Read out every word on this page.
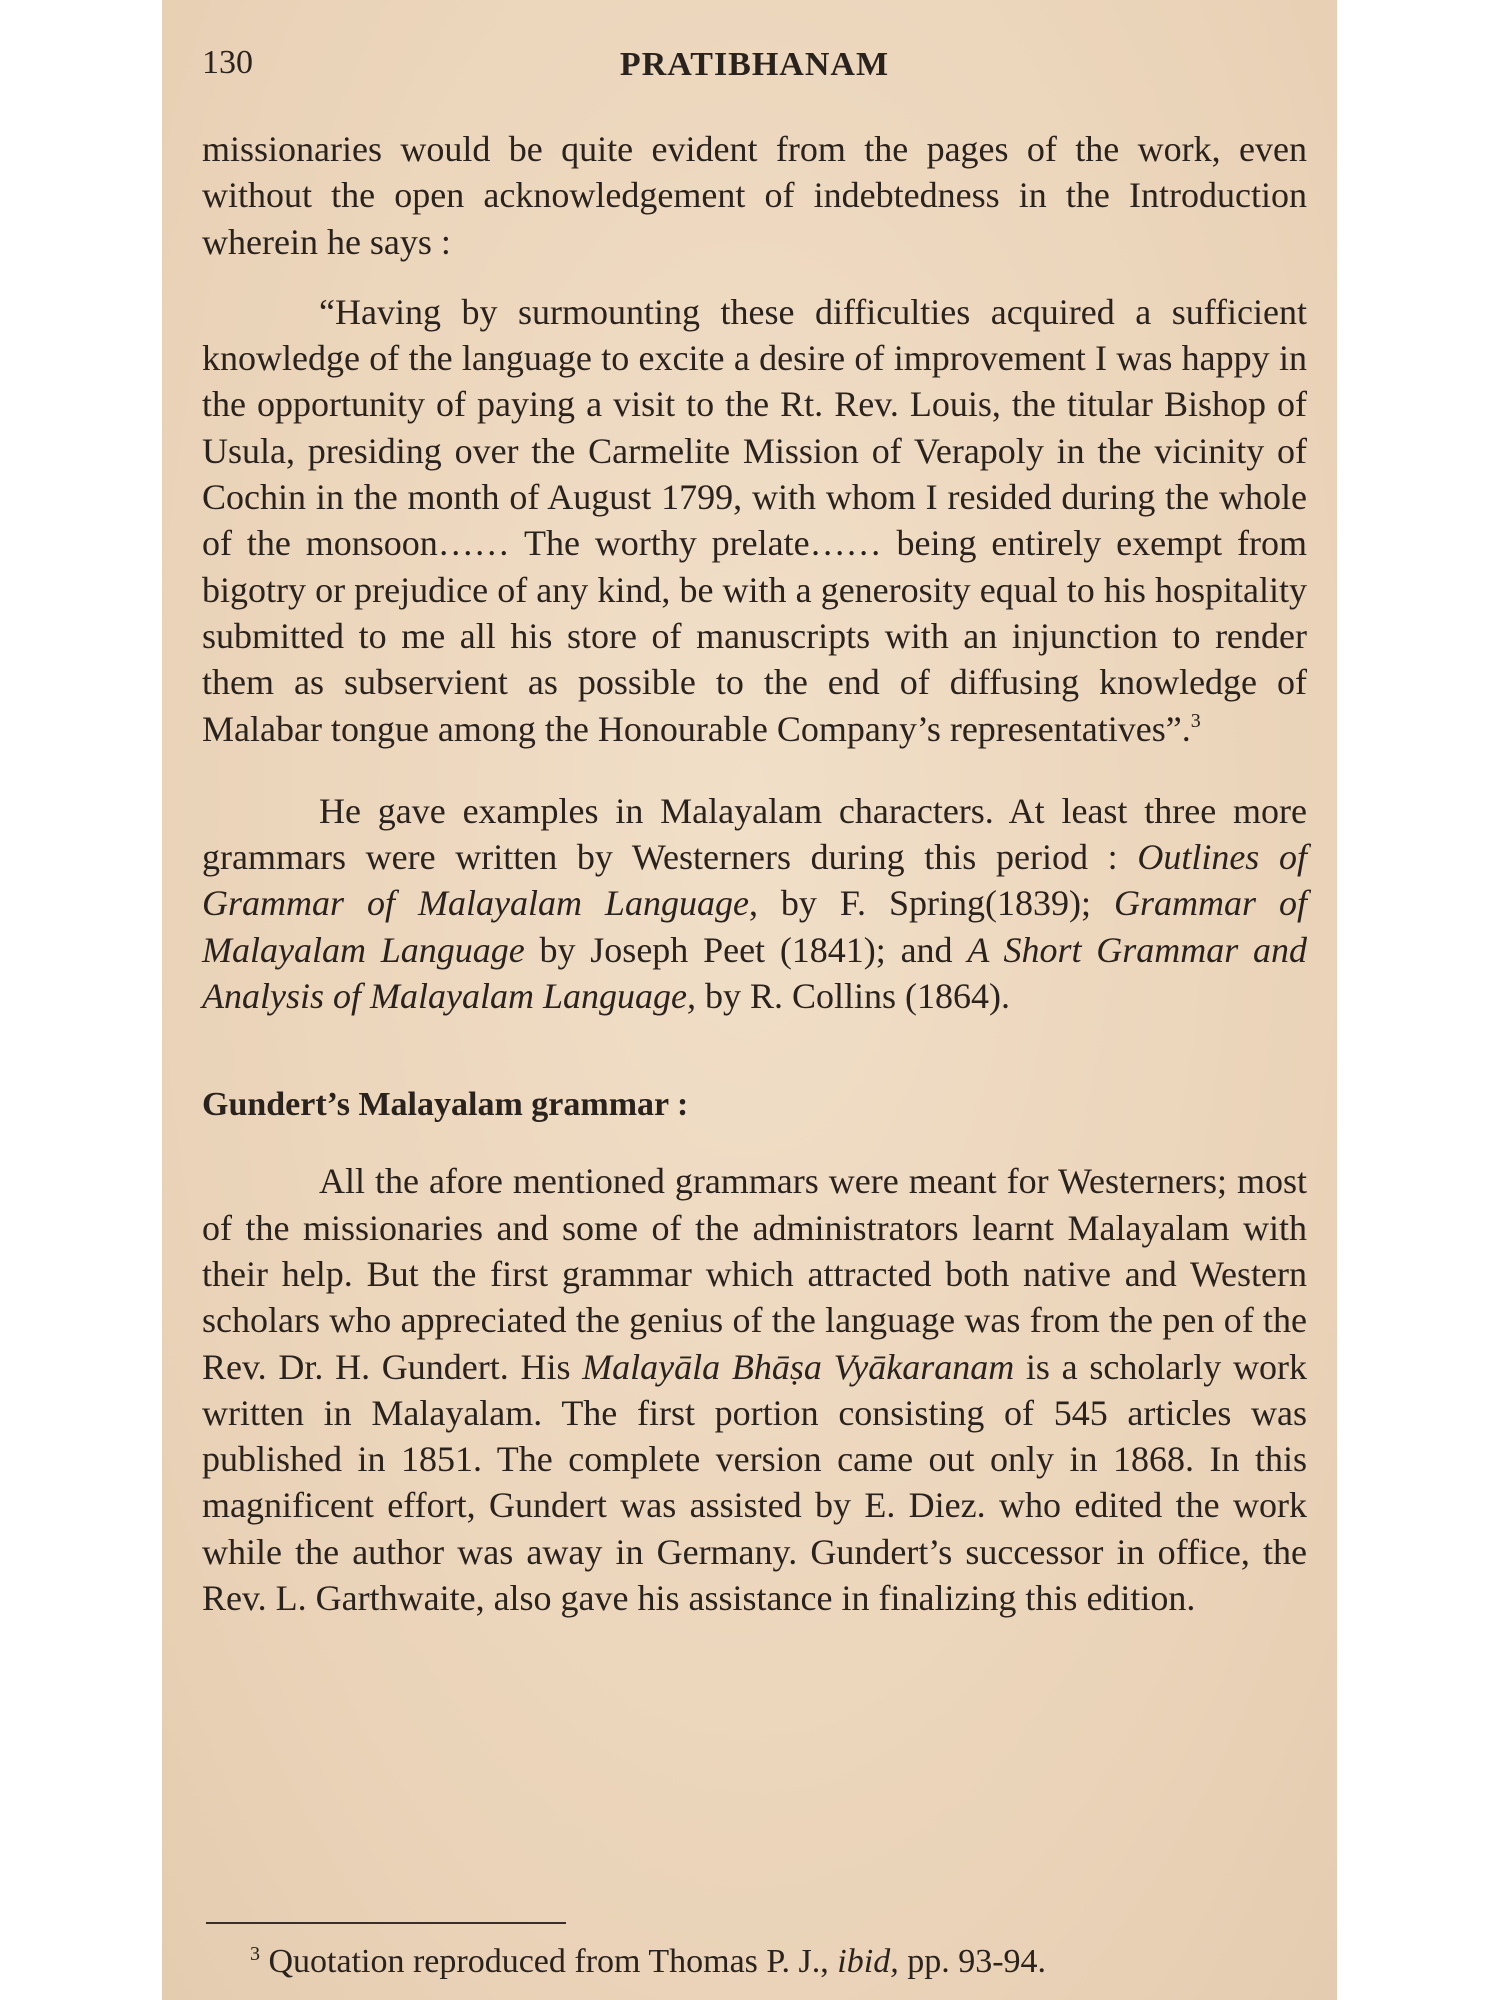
130	PRATIBHANAM

missionaries would be quite evident from the pages of the work, even without the open acknowledgement of indebtedness in the Introduction wherein he says :

“Having by surmounting these difficulties acquired a sufficient knowledge of the language to excite a desire of improvement I was happy in the opportunity of paying a visit to the Rt. Rev. Louis, the titular Bishop of Usula, presiding over the Carmelite Mission of Verapoly in the vicinity of Cochin in the month of August 1799, with whom I resided during the whole of the monsoon…… The worthy prelate…… being entirely exempt from bigotry or prejudice of any kind, be with a generosity equal to his hospitality submitted to me all his store of manuscripts with an injunction to render them as subservient as possible to the end of diffusing knowledge of Malabar tongue among the Honourable Company’s representatives”.$^3$

He gave examples in Malayalam characters. At least three more grammars were written by Westerners during this period : Outlines of Grammar of Malayalam Language, by F. Spring(1839); Grammar of Malayalam Language by Joseph Peet (1841); and A Short Grammar and Analysis of Malayalam Language, by R. Collins (1864).

Gundert’s Malayalam grammar :

All the afore mentioned grammars were meant for Westerners; most of the missionaries and some of the administrators learnt Malayalam with their help. But the first grammar which attracted both native and Western scholars who appreciated the genius of the language was from the pen of the Rev. Dr. H. Gundert. His Malayāla Bhāṣa Vyākaranam is a scholarly work written in Malayalam. The first portion consisting of 545 articles was published in 1851. The complete version came out only in 1868. In this magnificent effort, Gundert was assisted by E. Diez. who edited the work while the author was away in Germany. Gundert’s successor in office, the Rev. L. Garthwaite, also gave his assistance in finalizing this edition.

$^3$ Quotation reproduced from Thomas P. J., ibid, pp. 93-94.
